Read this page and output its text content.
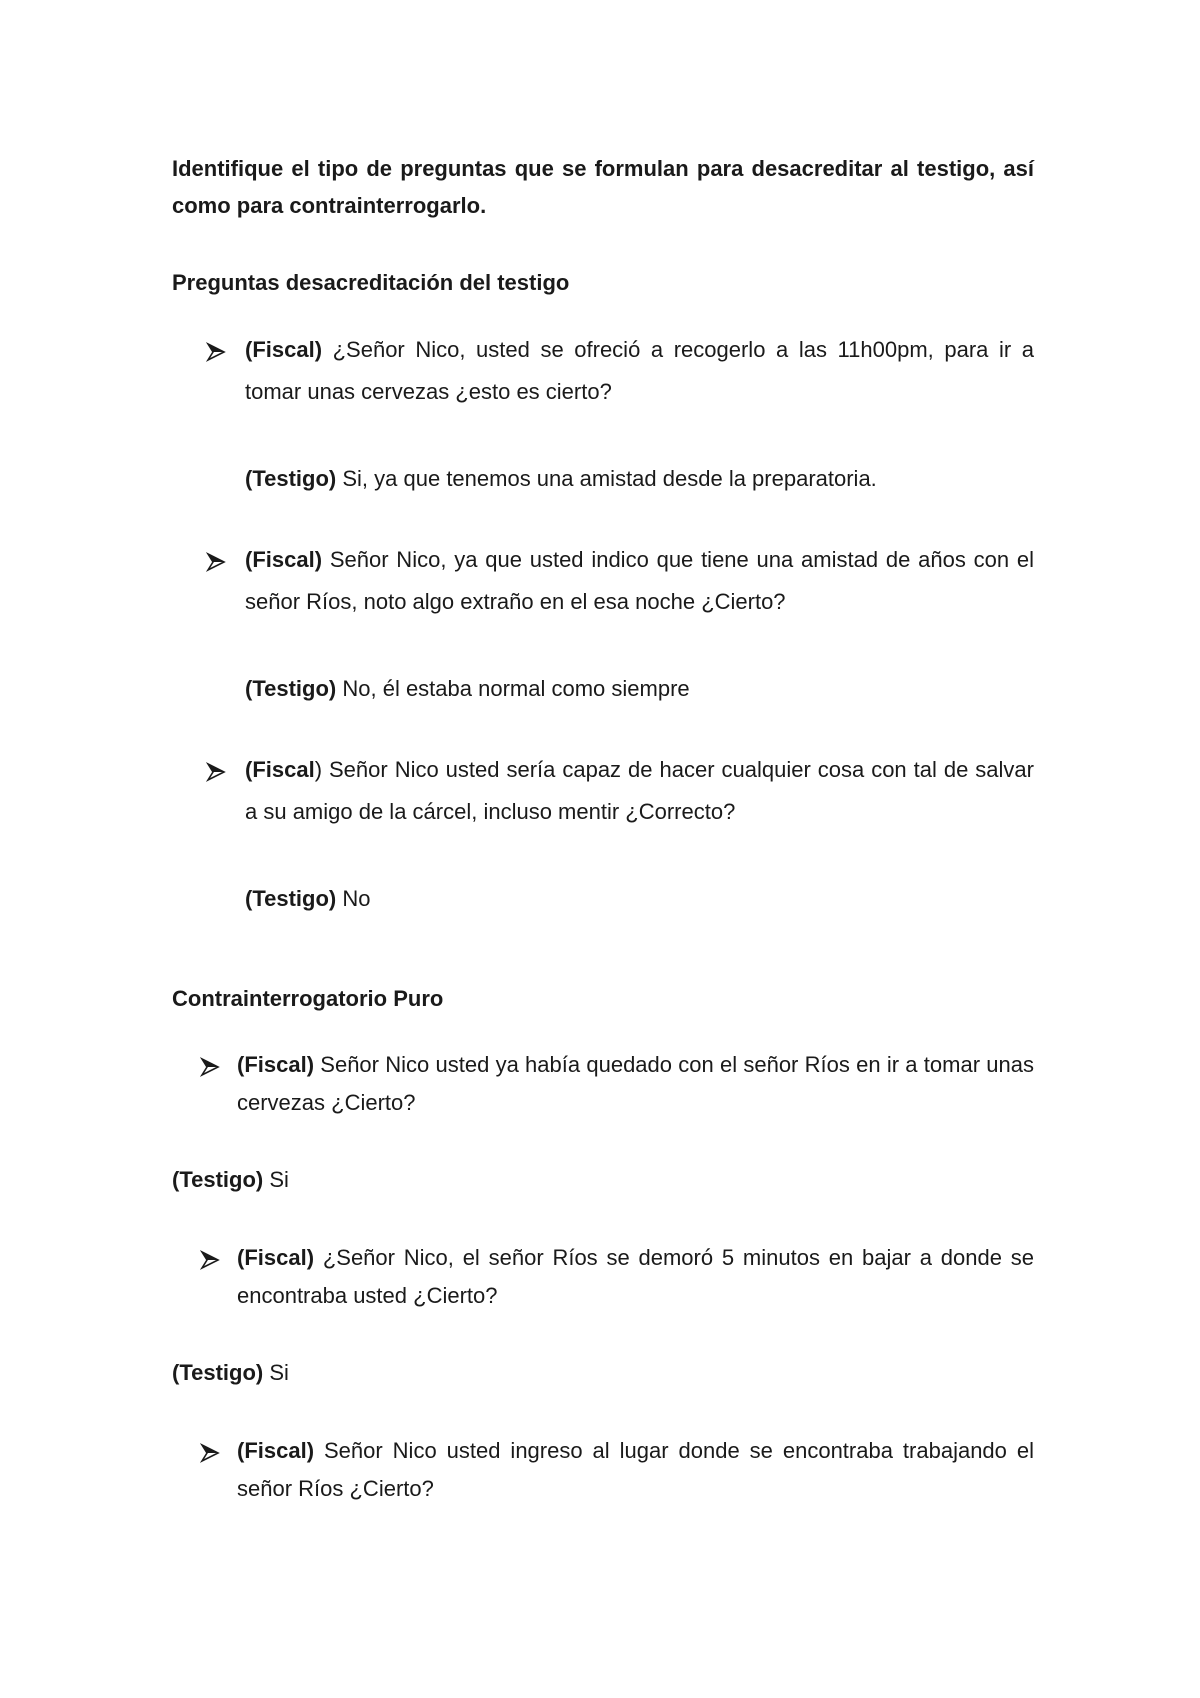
Identifique el tipo de preguntas que se formulan para desacreditar al testigo, así como para contrainterrogarlo.
Preguntas desacreditación del testigo
(Fiscal) ¿Señor Nico, usted se ofreció a recogerlo a las 11h00pm, para ir a tomar unas cervezas ¿esto es cierto?
(Testigo) Si, ya que tenemos una amistad desde la preparatoria.
(Fiscal) Señor Nico, ya que usted indico que tiene una amistad de años con el señor Ríos, noto algo extraño en el esa noche ¿Cierto?
(Testigo) No, él estaba normal como siempre
(Fiscal) Señor Nico usted sería capaz de hacer cualquier cosa con tal de salvar a su amigo de la cárcel, incluso mentir ¿Correcto?
(Testigo) No
Contrainterrogatorio Puro
(Fiscal) Señor Nico usted ya había quedado con el señor Ríos en ir a tomar unas cervezas ¿Cierto?
(Testigo) Si
(Fiscal) ¿Señor Nico, el señor Ríos se demoró 5 minutos en bajar a donde se encontraba usted ¿Cierto?
(Testigo) Si
(Fiscal) Señor Nico usted ingreso al lugar donde se encontraba trabajando el señor Ríos ¿Cierto?
